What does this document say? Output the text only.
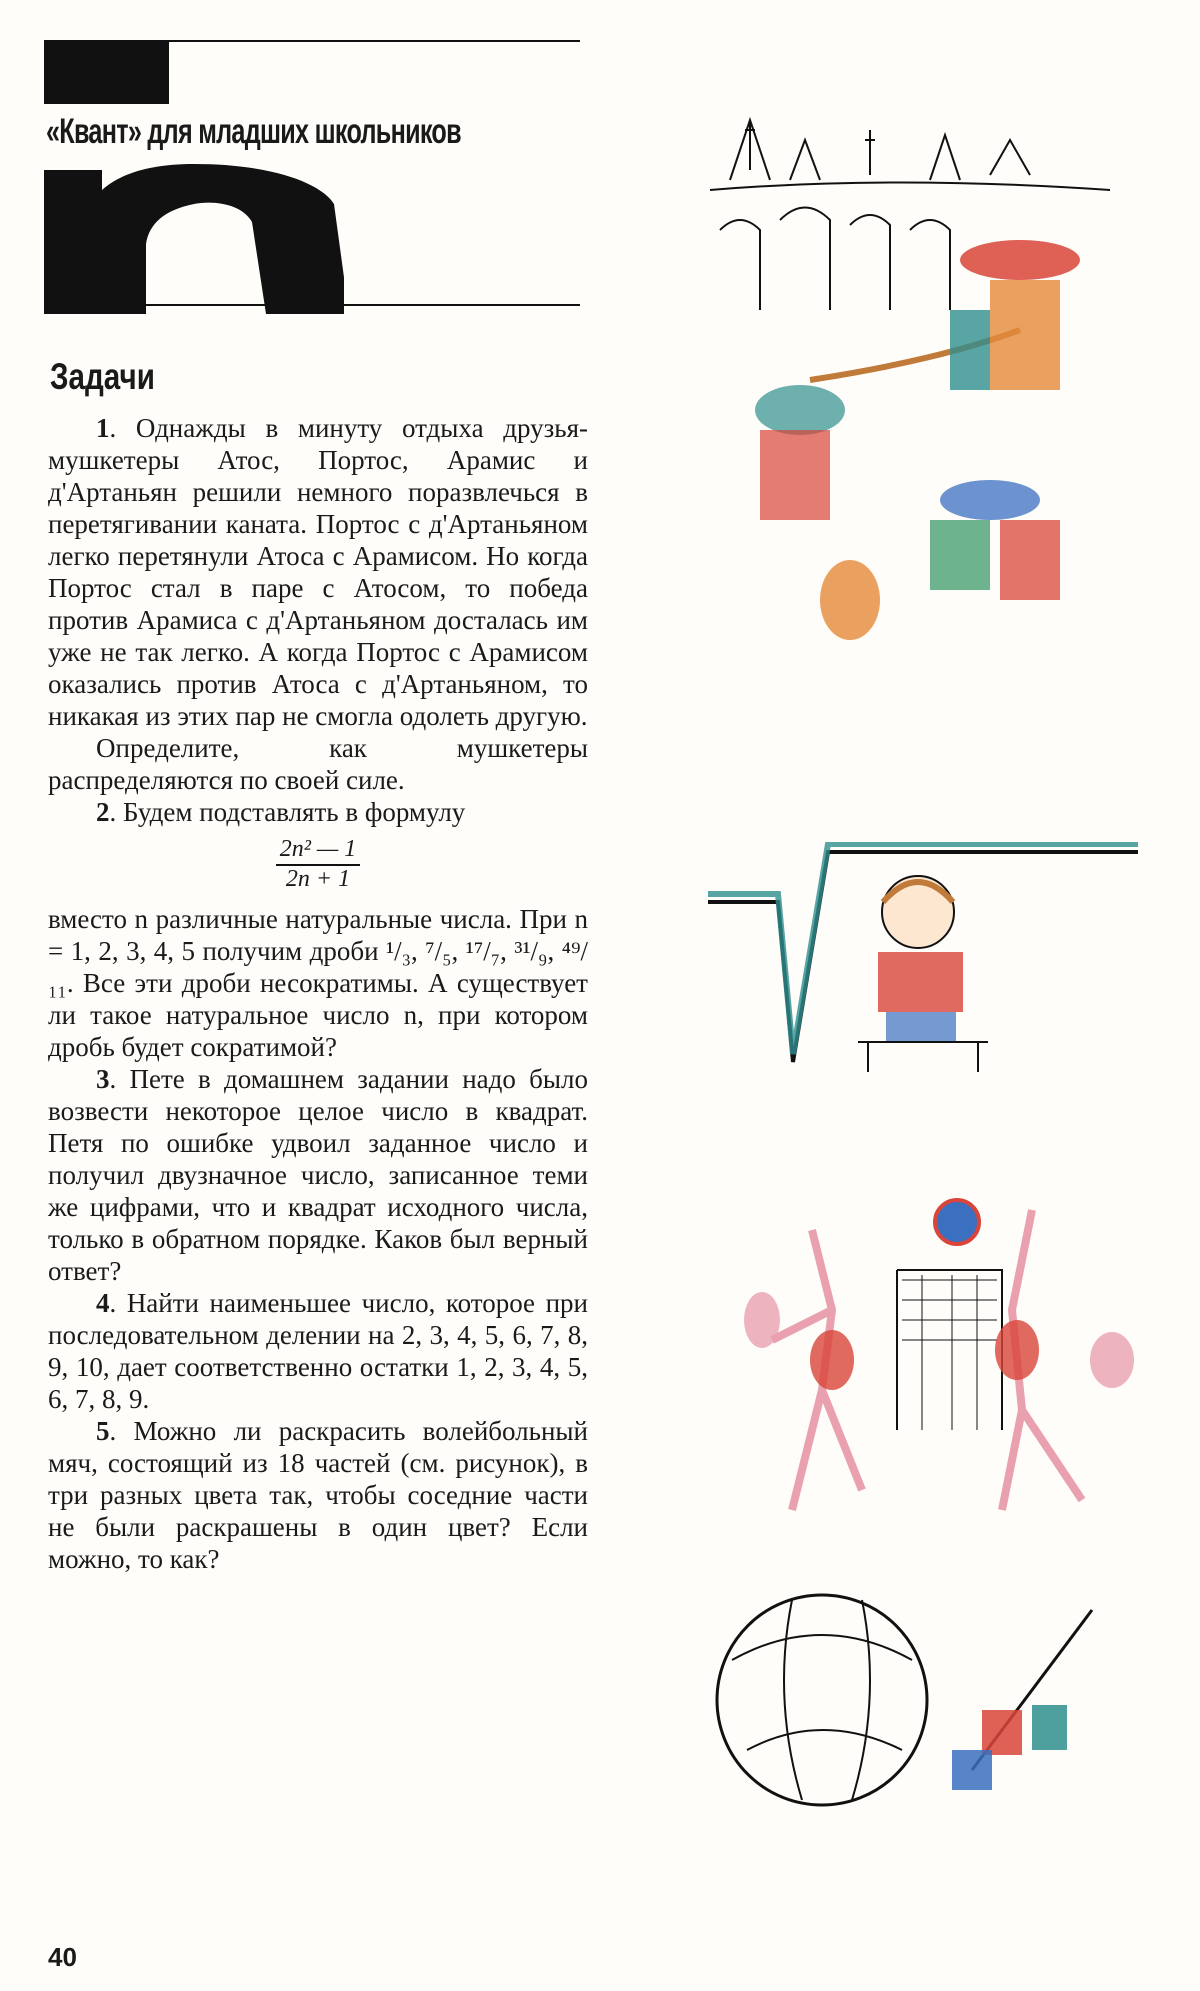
«Квант» для младших школьников
Задачи

1. Однажды в минуту отдыха друзья-мушкетеры Атос, Портос, Арамис и д'Артаньян решили немного поразвлечься в перетягивании каната. Портос с д'Артаньяном легко перетянули Атоса с Арамисом. Но когда Портос стал в паре с Атосом, то победа против Арамиса с д'Артаньяном досталась им уже не так легко. А когда Портос с Арамисом оказались против Атоса с д'Артаньяном, то никакая из этих пар не смогла одолеть другую.

Определите, как мушкетеры распределяются по своей силе.

2. Будем подставлять в формулу

$\frac{\text{2n² — 1}}{2n + 1}$

вместо n различные натуральные числа. При n = 1, 2, 3, 4, 5 получим дроби ¹/₃, ⁷/₅, ¹⁷/₇, ³¹/₉, ⁴⁹/₁₁. Все эти дроби несократимы. А существует ли такое натуральное число n, при котором дробь будет сократимой?

3. Пете в домашнем задании надо было возвести некоторое целое число в квадрат. Петя по ошибке удвоил заданное число и получил двузначное число, записанное теми же цифрами, что и квадрат исходного числа, только в обратном порядке. Каков был верный ответ?

4. Найти наименьшее число, которое при последовательном делении на 2, 3, 4, 5, 6, 7, 8, 9, 10, дает соответственно остатки 1, 2, 3, 4, 5, 6, 7, 8, 9.

5. Можно ли раскрасить волейбольный мяч, состоящий из 18 частей (см. рисунок), в три разных цвета так, чтобы соседние части не были раскрашены в один цвет? Если можно, то как?

40
